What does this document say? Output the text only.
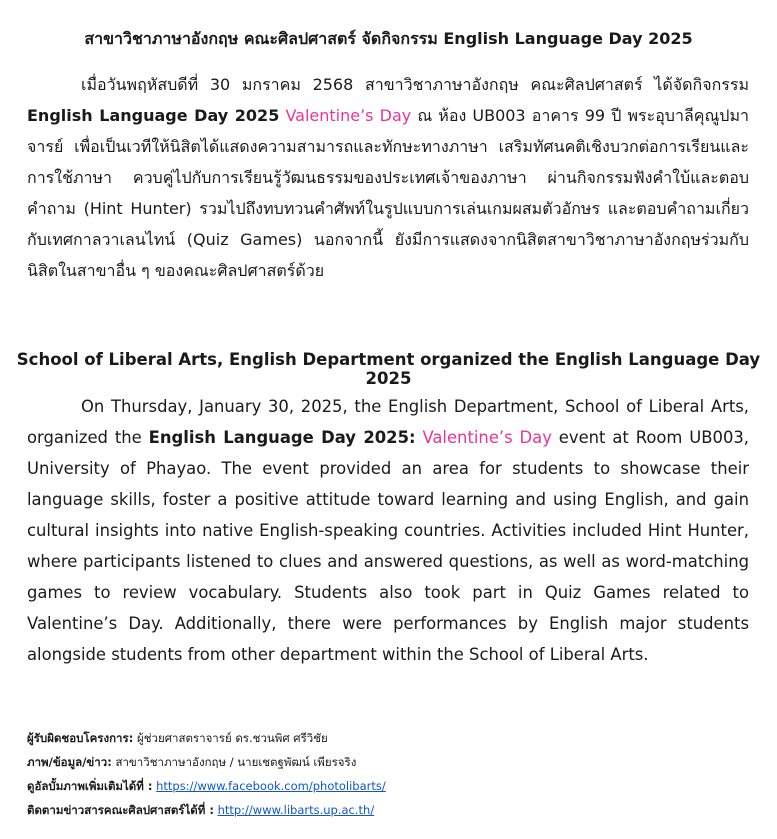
สาขาวิชาภาษาอังกฤษ คณะศิลปศาสตร์ จัดกิจกรรม English Language Day 2025
เมื่อวันพฤหัสบดีที่ 30 มกราคม 2568 สาขาวิชาภาษาอังกฤษ คณะศิลปศาสตร์ ได้จัดกิจกรรม English Language Day 2025 Valentine’s Day ณ ห้อง UB003 อาคาร 99 ปี พระอุบาลีคุณูปมาจารย์ เพื่อเป็นเวทีให้นิสิตได้แสดงความสามารถและทักษะทางภาษา เสริมทัศนคติเชิงบวกต่อการเรียนและการใช้ภาษา ควบคู่ไปกับการเรียนรู้วัฒนธรรมของประเทศเจ้าของภาษา ผ่านกิจกรรมฟังคำใบ้และตอบคำถาม (Hint Hunter) รวมไปถึงทบทวนคำศัพท์ในรูปแบบการเล่นเกมผสมตัวอักษร และตอบคำถามเกี่ยวกับเทศกาลวาเลนไทน์ (Quiz Games) นอกจากนี้ ยังมีการแสดงจากนิสิตสาขาวิชาภาษาอังกฤษร่วมกับนิสิตในสาขาอื่น ๆ ของคณะศิลปศาสตร์ด้วย
School of Liberal Arts, English Department organized the English Language Day 2025
On Thursday, January 30, 2025, the English Department, School of Liberal Arts, organized the English Language Day 2025: Valentine’s Day event at Room UB003, University of Phayao. The event provided an area for students to showcase their language skills, foster a positive attitude toward learning and using English, and gain cultural insights into native English-speaking countries. Activities included Hint Hunter, where participants listened to clues and answered questions, as well as word-matching games to review vocabulary. Students also took part in Quiz Games related to Valentine’s Day. Additionally, there were performances by English major students alongside students from other department within the School of Liberal Arts.
ผู้รับผิดชอบโครงการ: ผู้ช่วยศาสตราจารย์ ดร.ชวนพิศ ศรีวิชัย
ภาพ/ข้อมูล/ข่าว: สาขาวิชาภาษาอังกฤษ / นายเชตฐพัฒน์ เพียรจริง
ดูอัลบั้มภาพเพิ่มเติมได้ที่ : https://www.facebook.com/photolibarts/
ติดตามข่าวสารคณะศิลปศาสตร์ได้ที่ : http://www.libarts.up.ac.th/
